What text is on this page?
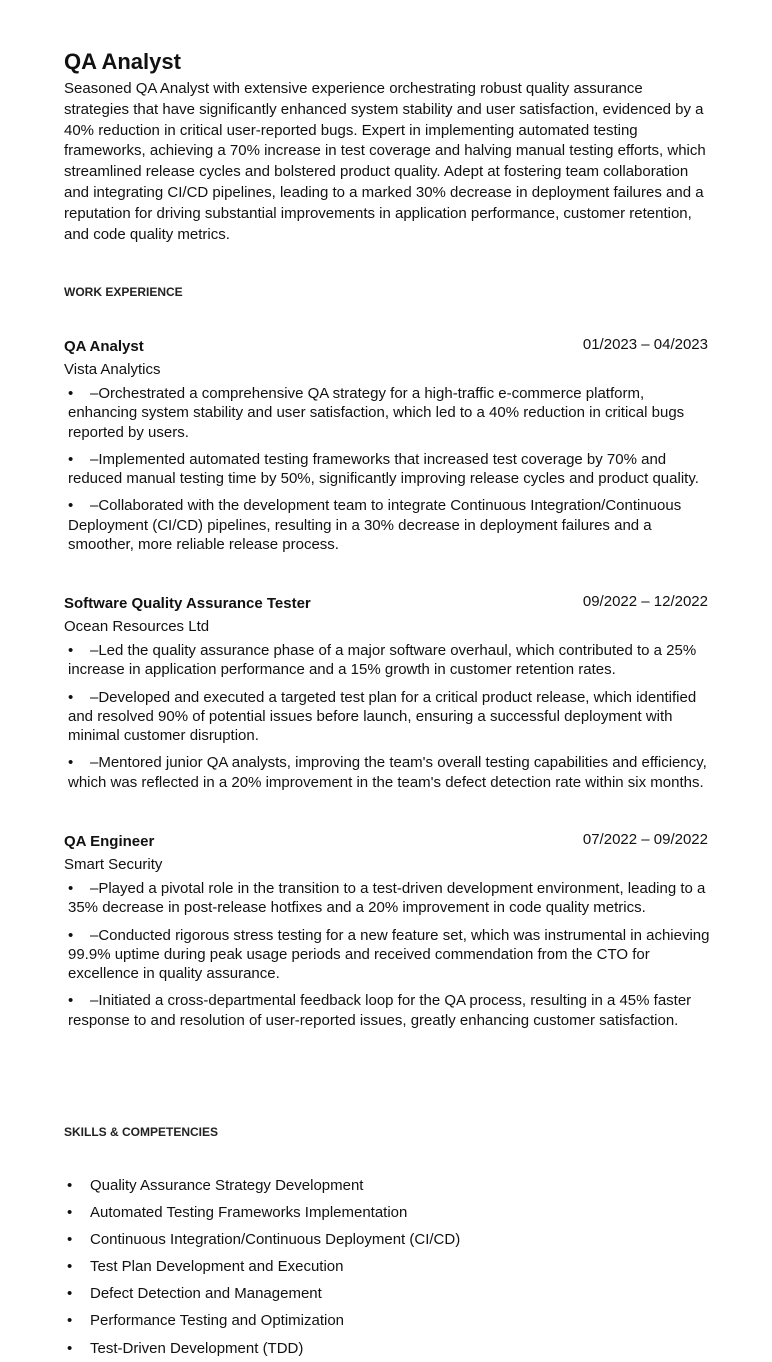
QA Analyst

Seasoned QA Analyst with extensive experience orchestrating robust quality assurance strategies that have significantly enhanced system stability and user satisfaction, evidenced by a 40% reduction in critical user-reported bugs. Expert in implementing automated testing frameworks, achieving a 70% increase in test coverage and halving manual testing efforts, which streamlined release cycles and bolstered product quality. Adept at fostering team collaboration and integrating CI/CD pipelines, leading to a marked 30% decrease in deployment failures and a reputation for driving substantial improvements in application performance, customer retention, and code quality metrics.

WORK EXPERIENCE
QA Analyst	01/2023 – 04/2023
Vista Analytics
• –Orchestrated a comprehensive QA strategy for a high-traffic e-commerce platform, enhancing system stability and user satisfaction, which led to a 40% reduction in critical bugs reported by users.
• –Implemented automated testing frameworks that increased test coverage by 70% and reduced manual testing time by 50%, significantly improving release cycles and product quality.
• –Collaborated with the development team to integrate Continuous Integration/Continuous Deployment (CI/CD) pipelines, resulting in a 30% decrease in deployment failures and a smoother, more reliable release process.
Software Quality Assurance Tester	09/2022 – 12/2022
Ocean Resources Ltd
• –Led the quality assurance phase of a major software overhaul, which contributed to a 25% increase in application performance and a 15% growth in customer retention rates.
• –Developed and executed a targeted test plan for a critical product release, which identified and resolved 90% of potential issues before launch, ensuring a successful deployment with minimal customer disruption.
• –Mentored junior QA analysts, improving the team's overall testing capabilities and efficiency, which was reflected in a 20% improvement in the team's defect detection rate within six months.
QA Engineer	07/2022 – 09/2022
Smart Security
• –Played a pivotal role in the transition to a test-driven development environment, leading to a 35% decrease in post-release hotfixes and a 20% improvement in code quality metrics.
• –Conducted rigorous stress testing for a new feature set, which was instrumental in achieving 99.9% uptime during peak usage periods and received commendation from the CTO for excellence in quality assurance.
• –Initiated a cross-departmental feedback loop for the QA process, resulting in a 45% faster response to and resolution of user-reported issues, greatly enhancing customer satisfaction.
SKILLS & COMPETENCIES
• Quality Assurance Strategy Development
• Automated Testing Frameworks Implementation
• Continuous Integration/Continuous Deployment (CI/CD)
• Test Plan Development and Execution
• Defect Detection and Management
• Performance Testing and Optimization
• Test-Driven Development (TDD)
